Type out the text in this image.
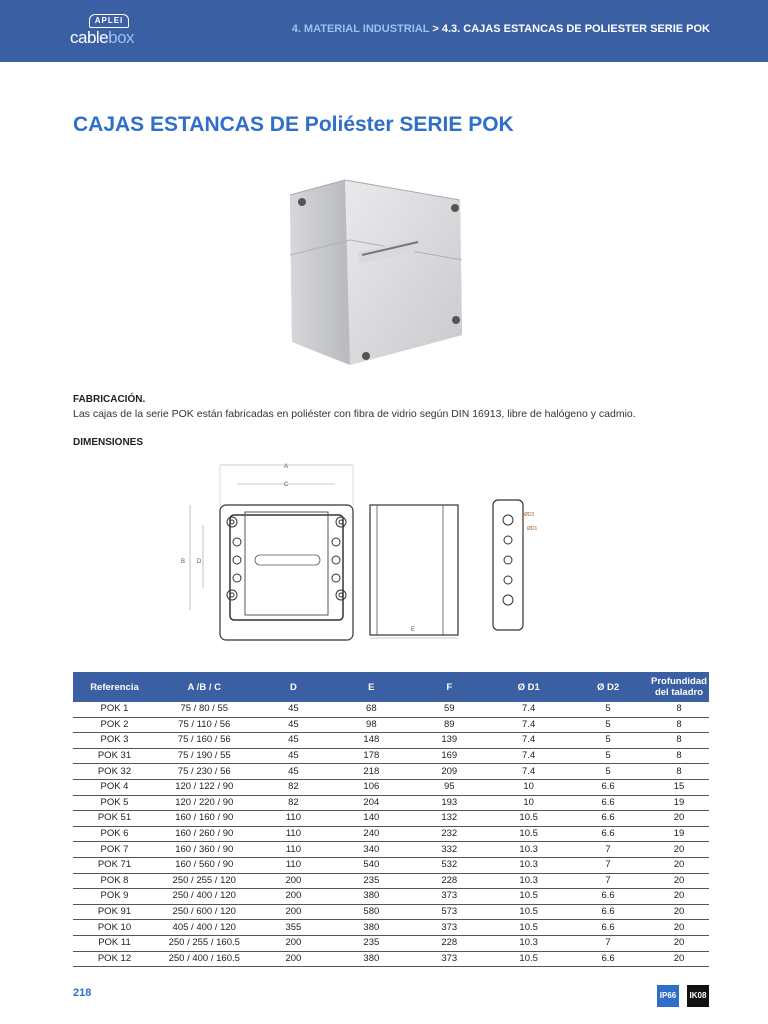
APLEI
cablebox	4. MATERIAL INDUSTRIAL > 4.3. CAJAS ESTANCAS DE POLIESTER SERIE POK
CAJAS ESTANCAS DE Poliéster SERIE POK
FABRICACIÓN.
Las cajas de la serie POK están fabricadas en poliéster con fibra de vidrio según DIN 16913, libre de halógeno y cadmio.
DIMENSIONES
A
C
B D
E
ØD2
ØD1
Referencia	A /B / C	D	E	F	Ø D1	Ø D2	Profundidad del taladro
POK 1	75 / 80 / 55	45	68	59	7.4	5	8
POK 2	75 / 110 / 56	45	98	89	7.4	5	8
POK 3	75 / 160 / 56	45	148	139	7.4	5	8
POK 31	75 / 190 / 55	45	178	169	7.4	5	8
POK 32	75 / 230 / 56	45	218	209	7.4	5	8
POK 4	120 / 122 / 90	82	106	95	10	6.6	15
POK 5	120 / 220 / 90	82	204	193	10	6.6	19
POK 51	160 / 160 / 90	110	140	132	10.5	6.6	20
POK 6	160 / 260 / 90	110	240	232	10.5	6.6	19
POK 7	160 / 360 / 90	110	340	332	10.3	7	20
POK 71	160 / 560 / 90	110	540	532	10.3	7	20
POK 8	250 / 255 / 120	200	235	228	10.3	7	20
POK 9	250 / 400 / 120	200	380	373	10.5	6.6	20
POK 91	250 / 600 / 120	200	580	573	10.5	6.6	20
POK 10	405 / 400 / 120	355	380	373	10.5	6.6	20
POK 11	250 / 255 / 160.5	200	235	228	10.3	7	20
POK 12	250 / 400 / 160.5	200	380	373	10.5	6.6	20
218	IP66	IK08
